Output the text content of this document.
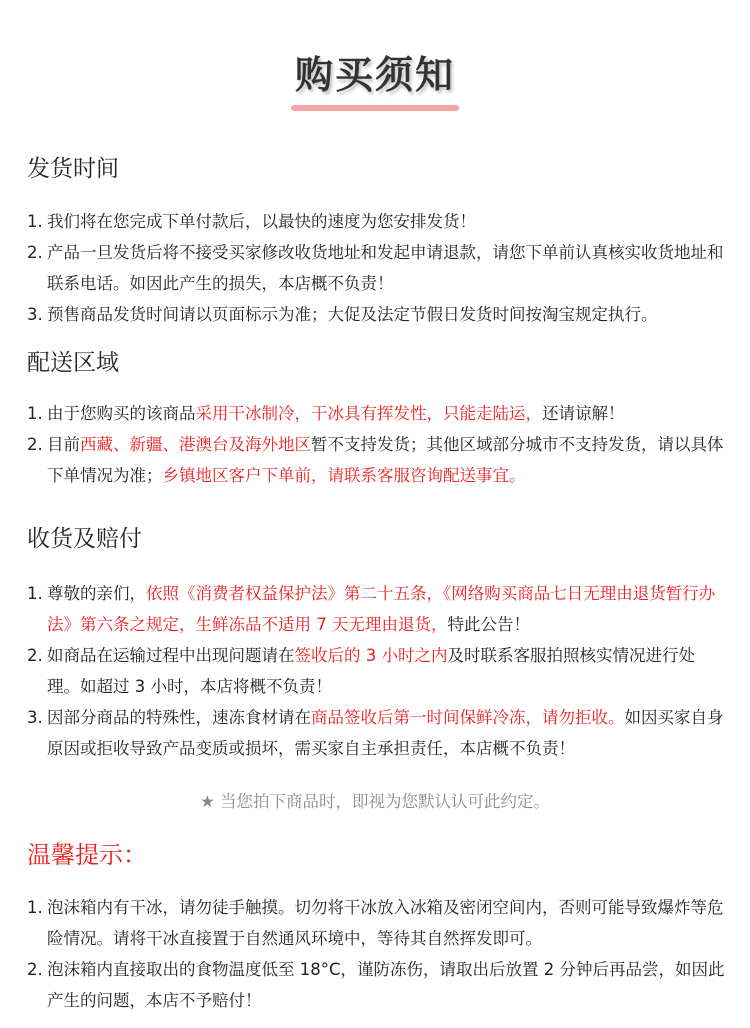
购买须知
发货时间
1. 我们将在您完成下单付款后，以最快的速度为您安排发货！
2. 产品一旦发货后将不接受买家修改收货地址和发起申请退款，请您下单前认真核实收货地址和联系电话。如因此产生的损失，本店概不负责！
3. 预售商品发货时间请以页面标示为准；大促及法定节假日发货时间按淘宝规定执行。
配送区域
1. 由于您购买的该商品采用干冰制冷，干冰具有挥发性，只能走陆运，还请谅解！
2. 目前西藏、新疆、港澳台及海外地区暂不支持发货；其他区域部分城市不支持发货，请以具体下单情况为准；乡镇地区客户下单前，请联系客服咨询配送事宜。
收货及赔付
1. 尊敬的亲们，依照《消费者权益保护法》第二十五条，《网络购买商品七日无理由退货暂行办法》第六条之规定，生鲜冻品不适用 7 天无理由退货，特此公告！
2. 如商品在运输过程中出现问题请在签收后的 3 小时之内及时联系客服拍照核实情况进行处理。如超过 3 小时，本店将概不负责！
3. 因部分商品的特殊性，速冻食材请在商品签收后第一时间保鲜冷冻，请勿拒收。如因买家自身原因或拒收导致产品变质或损坏，需买家自主承担责任，本店概不负责！
★ 当您拍下商品时，即视为您默认认可此约定。
温馨提示：
1. 泡沫箱内有干冰，请勿徒手触摸。切勿将干冰放入冰箱及密闭空间内，否则可能导致爆炸等危险情况。请将干冰直接置于自然通风环境中，等待其自然挥发即可。
2. 泡沫箱内直接取出的食物温度低至 18°C，谨防冻伤，请取出后放置 2 分钟后再品尝，如因此产生的问题，本店不予赔付！
